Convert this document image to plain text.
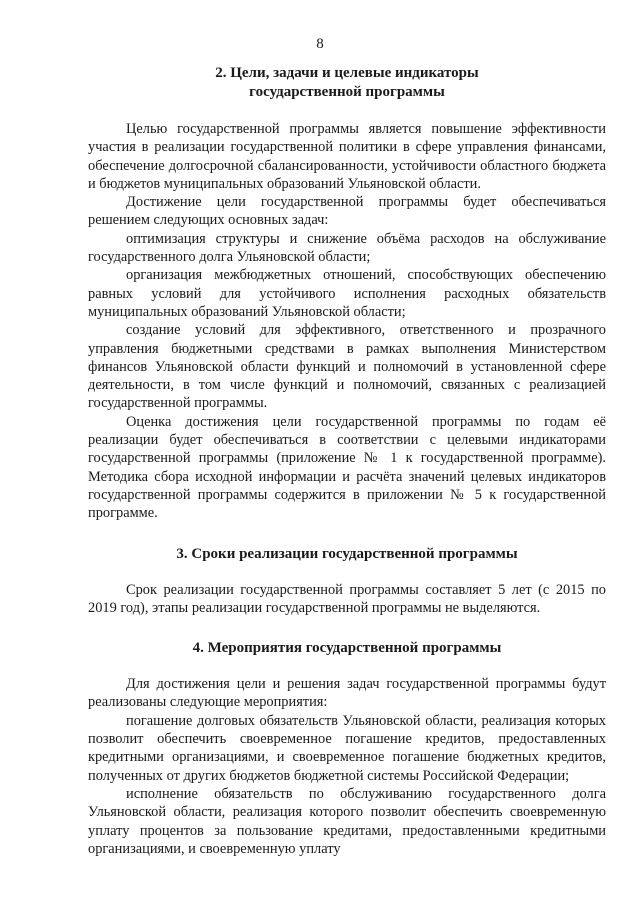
8
2. Цели, задачи и целевые индикаторы
государственной программы

Целью государственной программы является повышение эффективности участия в реализации государственной политики в сфере управления финансами, обеспечение долгосрочной сбалансированности, устойчивости областного бюджета и бюджетов муниципальных образований Ульяновской области.

Достижение цели государственной программы будет обеспечиваться решением следующих основных задач:

оптимизация структуры и снижение объёма расходов на обслуживание государственного долга Ульяновской области;

организация межбюджетных отношений, способствующих обеспечению равных условий для устойчивого исполнения расходных обязательств муниципальных образований Ульяновской области;

создание условий для эффективного, ответственного и прозрачного управления бюджетными средствами в рамках выполнения Министерством финансов Ульяновской области функций и полномочий в установленной сфере деятельности, в том числе функций и полномочий, связанных с реализацией государственной программы.

Оценка достижения цели государственной программы по годам её реализации будет обеспечиваться в соответствии с целевыми индикаторами государственной программы (приложение № 1 к государственной программе). Методика сбора исходной информации и расчёта значений целевых индикаторов государственной программы содержится в приложении № 5 к государственной программе.

3. Сроки реализации государственной программы

Срок реализации государственной программы составляет 5 лет (с 2015 по 2019 год), этапы реализации государственной программы не выделяются.

4. Мероприятия государственной программы

Для достижения цели и решения задач государственной программы будут реализованы следующие мероприятия:

погашение долговых обязательств Ульяновской области, реализация которых позволит обеспечить своевременное погашение кредитов, предоставленных кредитными организациями, и своевременное погашение бюджетных кредитов, полученных от других бюджетов бюджетной системы Российской Федерации;

исполнение обязательств по обслуживанию государственного долга Ульяновской области, реализация которого позволит обеспечить своевременную уплату процентов за пользование кредитами, предоставленными кредитными организациями, и своевременную уплату
